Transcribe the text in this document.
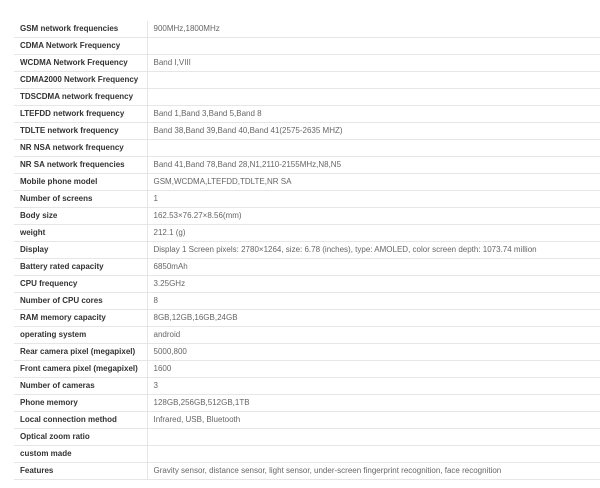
GSM network frequencies	900MHz,1800MHz
CDMA Network Frequency	
WCDMA Network Frequency	Band I,VIII
CDMA2000 Network Frequency	
TDSCDMA network frequency	
LTEFDD network frequency	Band 1,Band 3,Band 5,Band 8
TDLTE network frequency	Band 38,Band 39,Band 40,Band 41(2575-2635 MHZ)
NR NSA network frequency	
NR SA network frequencies	Band 41,Band 78,Band 28,N1,2110-2155MHz,N8,N5
Mobile phone model	GSM,WCDMA,LTEFDD,TDLTE,NR SA
Number of screens	1
Body size	162.53×76.27×8.56(mm)
weight	212.1 (g)
Display	Display 1 Screen pixels: 2780×1264, size: 6.78 (inches), type: AMOLED, color screen depth: 1073.74 million
Battery rated capacity	6850mAh
CPU frequency	3.25GHz
Number of CPU cores	8
RAM memory capacity	8GB,12GB,16GB,24GB
operating system	android
Rear camera pixel (megapixel)	5000,800
Front camera pixel (megapixel)	1600
Number of cameras	3
Phone memory	128GB,256GB,512GB,1TB
Local connection method	Infrared, USB, Bluetooth
Optical zoom ratio	
custom made	
Features	Gravity sensor, distance sensor, light sensor, under-screen fingerprint recognition, face recognition
